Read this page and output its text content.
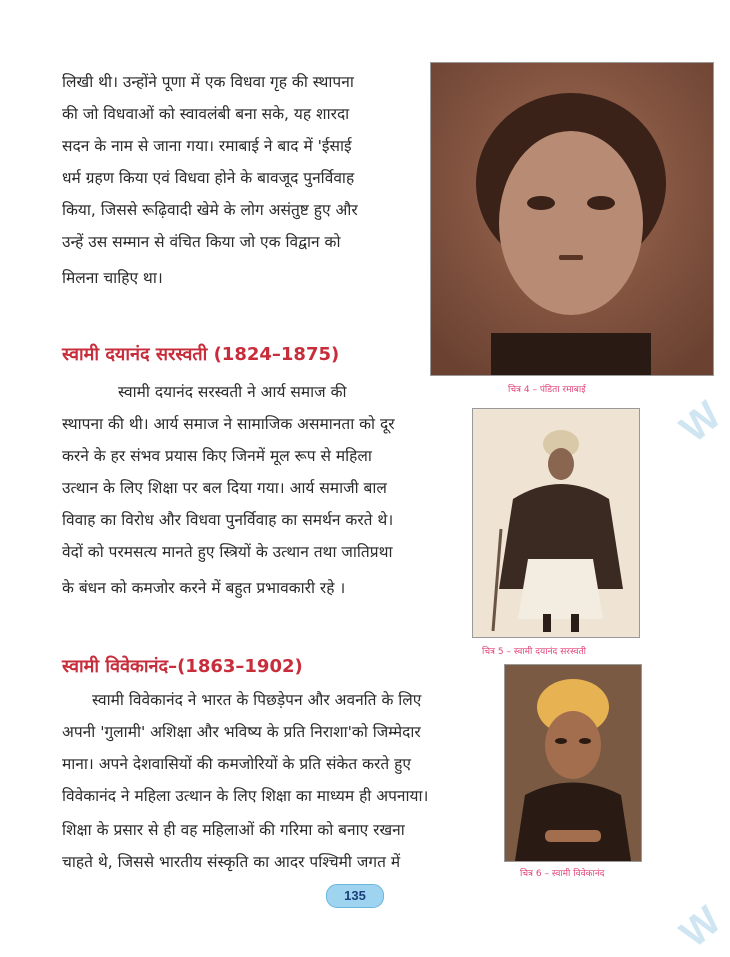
W
W
लिखी थी। उन्होंने पूणा में एक विधवा गृह की स्थापना
की जो विधवाओं को स्वावलंबी बना सके, यह शारदा
सदन के नाम से जाना गया। रमाबाई ने बाद में 'ईसाई
धर्म ग्रहण किया एवं विधवा होने के बावजूद पुनर्विवाह
किया, जिससे रूढ़िवादी खेमे के लोग असंतुष्ट हुए और
उन्हें उस सम्मान से वंचित किया जो एक विद्वान को
मिलना चाहिए था।
चित्र 4 – पंडिता रमाबाई
स्वामी दयानंद सरस्वती (1824–1875)
स्वामी दयानंद सरस्वती ने आर्य समाज की
स्थापना की थी। आर्य समाज ने सामाजिक असमानता को दूर
करने के हर संभव प्रयास किए जिनमें मूल रूप से महिला
उत्थान के लिए शिक्षा पर बल दिया गया। आर्य समाजी बाल
विवाह का विरोध और विधवा पुनर्विवाह का समर्थन करते थे।
वेदों को परमसत्य मानते हुए स्त्रियों के उत्थान तथा जातिप्रथा
के बंधन को कमजोर करने में बहुत प्रभावकारी रहे ।
चित्र 5 – स्वामी दयानंद सरस्वती
स्वामी विवेकानंद–(1863–1902)
स्वामी विवेकानंद ने भारत के पिछड़ेपन और अवनति के लिए
अपनी 'गुलामी' अशिक्षा और भविष्य के प्रति निराशा'को जिम्मेदार
माना। अपने देशवासियों की कमजोरियों के प्रति संकेत करते हुए
विवेकानंद ने महिला उत्थान के लिए शिक्षा का माध्यम ही अपनाया।
शिक्षा के प्रसार से ही वह महिलाओं की गरिमा को बनाए रखना
चाहते थे, जिससे भारतीय संस्कृति का आदर पश्चिमी जगत में
चित्र 6 – स्वामी विवेकानंद
135
